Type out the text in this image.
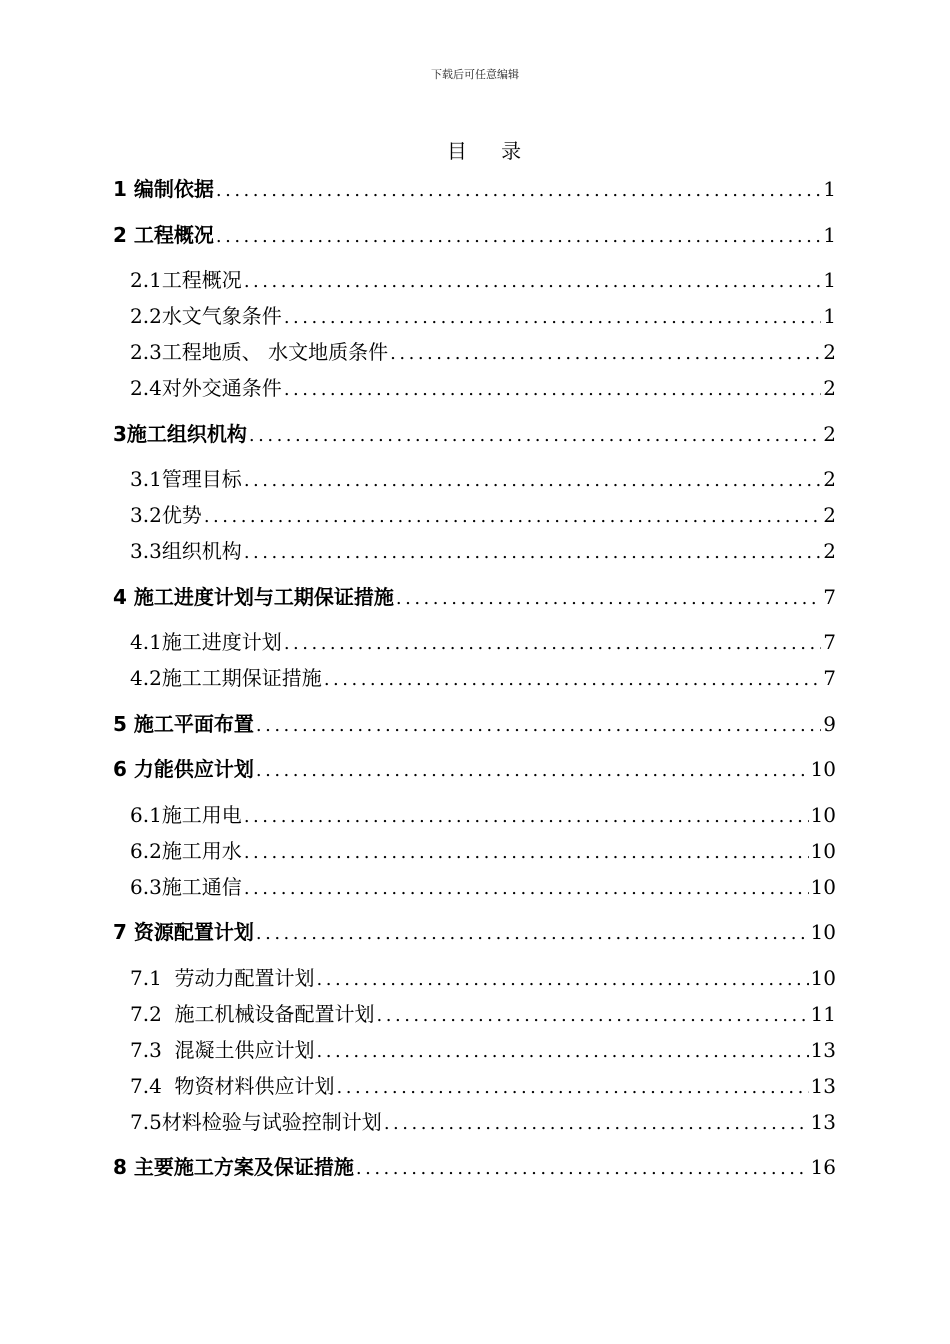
下载后可任意编辑
目 录
1 编制依据 .....	1
2 工程概况 .....	1
2.1工程概况 .....	1
2.2水文气象条件 .....	1
2.3工程地质、 水文地质条件 .....	2
2.4对外交通条件 .....	2
3施工组织机构 .....	2
3.1管理目标 .....	2
3.2优势 .....	2
3.3组织机构 .....	2
4 施工进度计划与工期保证措施 .....	7
4.1施工进度计划 .....	7
4.2施工工期保证措施 .....	7
5 施工平面布置 .....	9
6 力能供应计划 .....	10
6.1施工用电 .....	10
6.2施工用水 .....	10
6.3施工通信 .....	10
7 资源配置计划 .....	10
7.1 劳动力配置计划 .....	10
7.2 施工机械设备配置计划 .....	11
7.3 混凝土供应计划 .....	13
7.4 物资材料供应计划 .....	13
7.5材料检验与试验控制计划 .....	13
8 主要施工方案及保证措施 .....	16
